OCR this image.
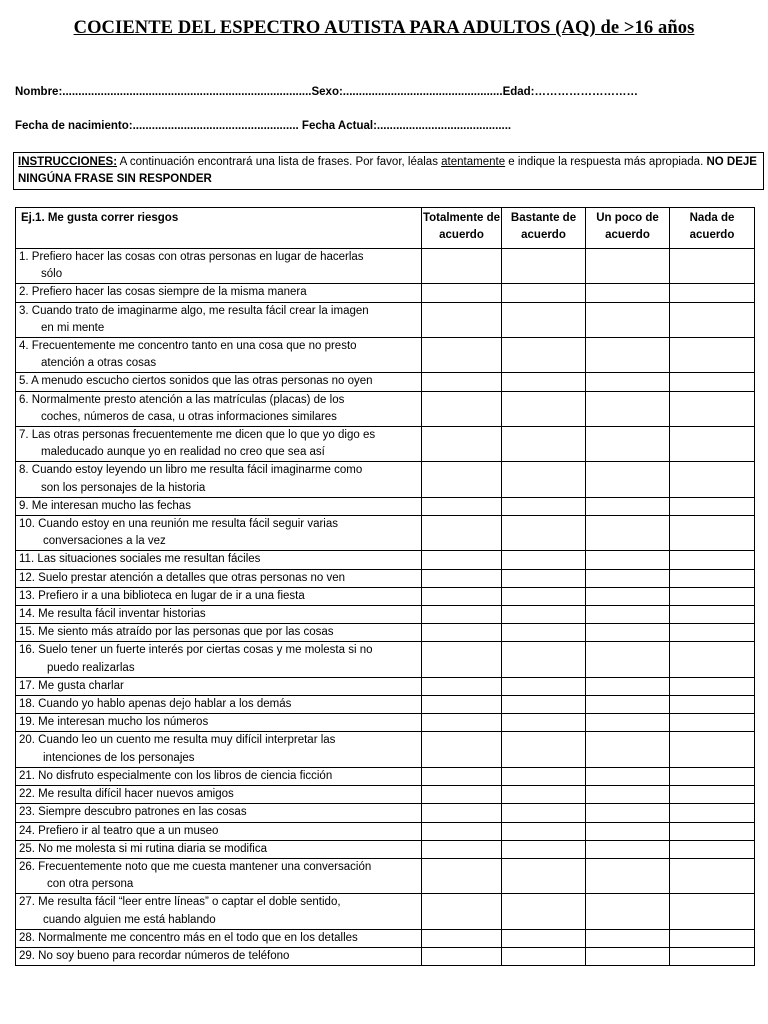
COCIENTE DEL ESPECTRO AUTISTA PARA ADULTOS (AQ) de >16 años
Nombre:..............................................................................Sexo:..................................................Edad:………………………
Fecha de nacimiento:.................................................... Fecha Actual:..........................................
INSTRUCCIONES: A continuación encontrará una lista de frases. Por favor, léalas atentamente e indique la respuesta más apropiada. NO DEJE NINGÚNA FRASE SIN RESPONDER
Ej.1. Me gusta correr riesgos	Totalmente de acuerdo	Bastante de acuerdo	Un poco de acuerdo	Nada de acuerdo
1. Prefiero hacer las cosas con otras personas en lugar de hacerlas
sólo				

2. Prefiero hacer las cosas siempre de la misma manera				
3. Cuando trato de imaginarme algo, me resulta fácil crear la imagen
en mi mente				

4. Frecuentemente me concentro tanto en una cosa que no presto
atención a otras cosas				

5. A menudo escucho ciertos sonidos que las otras personas no oyen				
6. Normalmente presto atención a las matrículas (placas) de los
coches, números de casa, u otras informaciones similares				

7. Las otras personas frecuentemente me dicen que lo que yo digo es
maleducado aunque yo en realidad no creo que sea así				

8. Cuando estoy leyendo un libro me resulta fácil imaginarme como
son los personajes de la historia				

9. Me interesan mucho las fechas				
10. Cuando estoy en una reunión me resulta fácil seguir varias
conversaciones a la vez				

11. Las situaciones sociales me resultan fáciles				
12. Suelo prestar atención a detalles que otras personas no ven				
13. Prefiero ir a una biblioteca en lugar de ir a una fiesta				
14. Me resulta fácil inventar historias				
15. Me siento más atraído por las personas que por las cosas				
16. Suelo tener un fuerte interés por ciertas cosas y me molesta si no
puedo realizarlas				

17. Me gusta charlar				
18. Cuando yo hablo apenas dejo hablar a los demás				
19. Me interesan mucho los números				
20. Cuando leo un cuento me resulta muy difícil interpretar las
intenciones de los personajes				

21. No disfruto especialmente con los libros de ciencia ficción				
22. Me resulta difícil hacer nuevos amigos				
23. Siempre descubro patrones en las cosas				
24. Prefiero ir al teatro que a un museo				
25. No me molesta si mi rutina diaria se modifica				
26. Frecuentemente noto que me cuesta mantener una conversación
con otra persona				

27. Me resulta fácil “leer entre líneas” o captar el doble sentido,
cuando alguien me está hablando				

28. Normalmente me concentro más en el todo que en los detalles				
29. No soy bueno para recordar números de teléfono				
